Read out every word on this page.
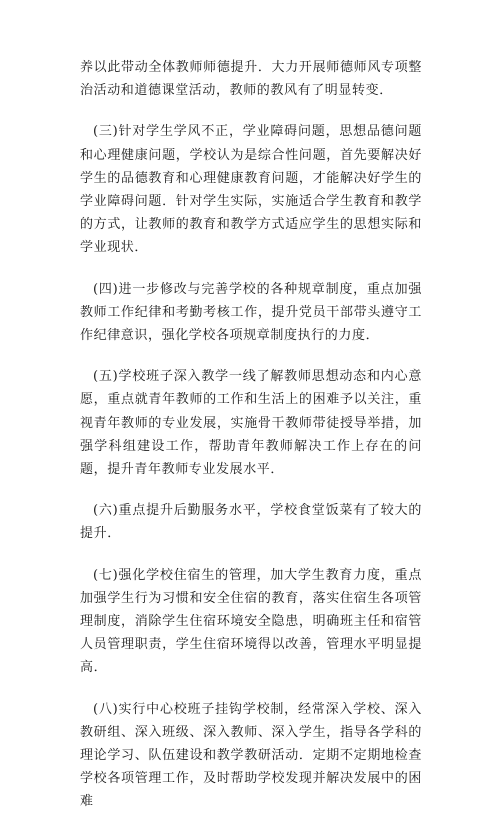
养以此带动全体教师师德提升．大力开展师德师风专项整治活动和道德课堂活动，教师的教风有了明显转变．

(三)针对学生学风不正，学业障碍问题，思想品德问题和心理健康问题，学校认为是综合性问题，首先要解决好学生的品德教育和心理健康教育问题，才能解决好学生的学业障碍问题．针对学生实际，实施适合学生教育和教学的方式，让教师的教育和教学方式适应学生的思想实际和学业现状．

(四)进一步修改与完善学校的各种规章制度，重点加强教师工作纪律和考勤考核工作，提升党员干部带头遵守工作纪律意识，强化学校各项规章制度执行的力度．

(五)学校班子深入教学一线了解教师思想动态和内心意愿，重点就青年教师的工作和生活上的困难予以关注，重视青年教师的专业发展，实施骨干教师带徒授导举措，加强学科组建设工作，帮助青年教师解决工作上存在的问题，提升青年教师专业发展水平．

(六)重点提升后勤服务水平，学校食堂饭菜有了较大的提升．

(七)强化学校住宿生的管理，加大学生教育力度，重点加强学生行为习惯和安全住宿的教育，落实住宿生各项管理制度，消除学生住宿环境安全隐患，明确班主任和宿管人员管理职责，学生住宿环境得以改善，管理水平明显提高．

(八)实行中心校班子挂钩学校制，经常深入学校、深入教研组、深入班级、深入教师、深入学生，指导各学科的理论学习、队伍建设和教学教研活动．定期不定期地检查学校各项管理工作，及时帮助学校发现并解决发展中的困难
